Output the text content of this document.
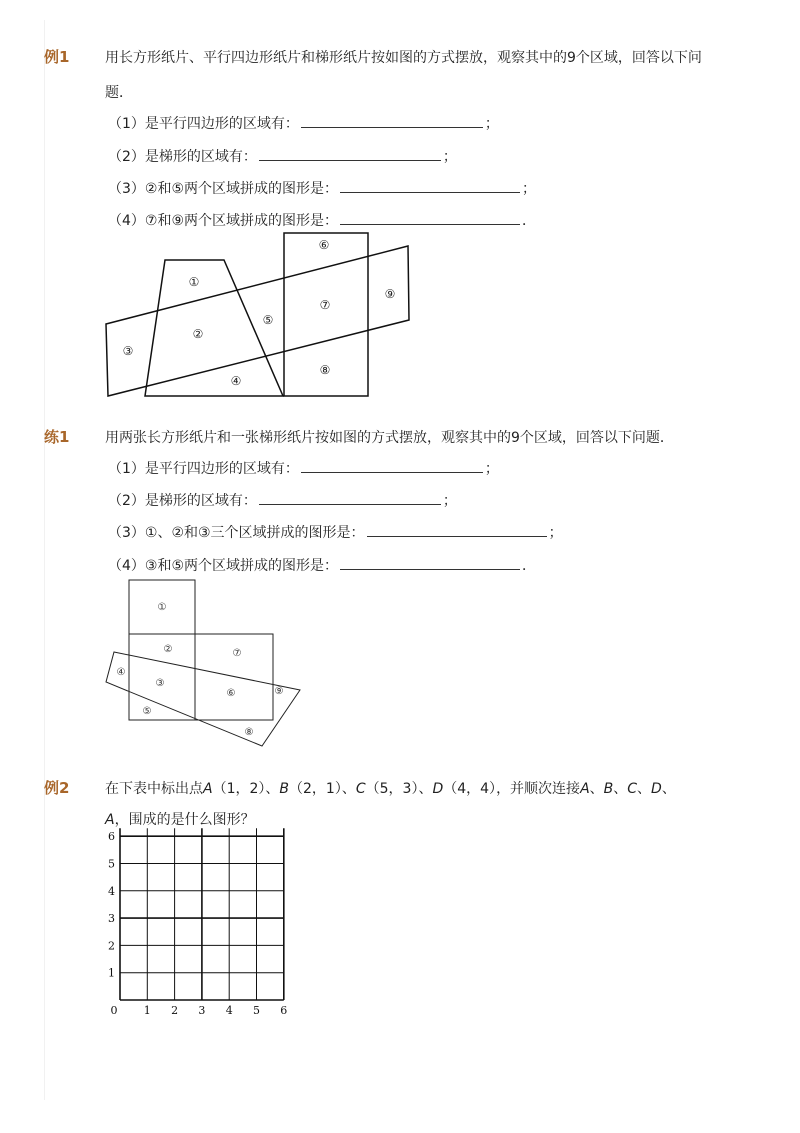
例1	用长方形纸片、平行四边形纸片和梯形纸片按如图的方式摆放，观察其中的9个区域，回答以下问
题．
（1）是平行四边形的区域有：	；
（2）是梯形的区域有：	；
（3）②和⑤两个区域拼成的图形是：	；
（4）⑦和⑨两个区域拼成的图形是：	．
①
②
③
④
⑤
⑥
⑦
⑧
⑨
练1	用两张长方形纸片和一张梯形纸片按如图的方式摆放，观察其中的9个区域，回答以下问题．
（1）是平行四边形的区域有：	；
（2）是梯形的区域有：	；
（3）①、②和③三个区域拼成的图形是：	；
（4）③和⑤两个区域拼成的图形是：	．
①
②
③
④
⑤
⑥
⑦
⑧
⑨
例2	在下表中标出点A（1，2）、B（2，1）、C（5，3）、D（4，4），并顺次连接A、B、C、D、
A，围成的是什么图形？
0 1 2 3 4 5 6
1
2
3
4
5
6
